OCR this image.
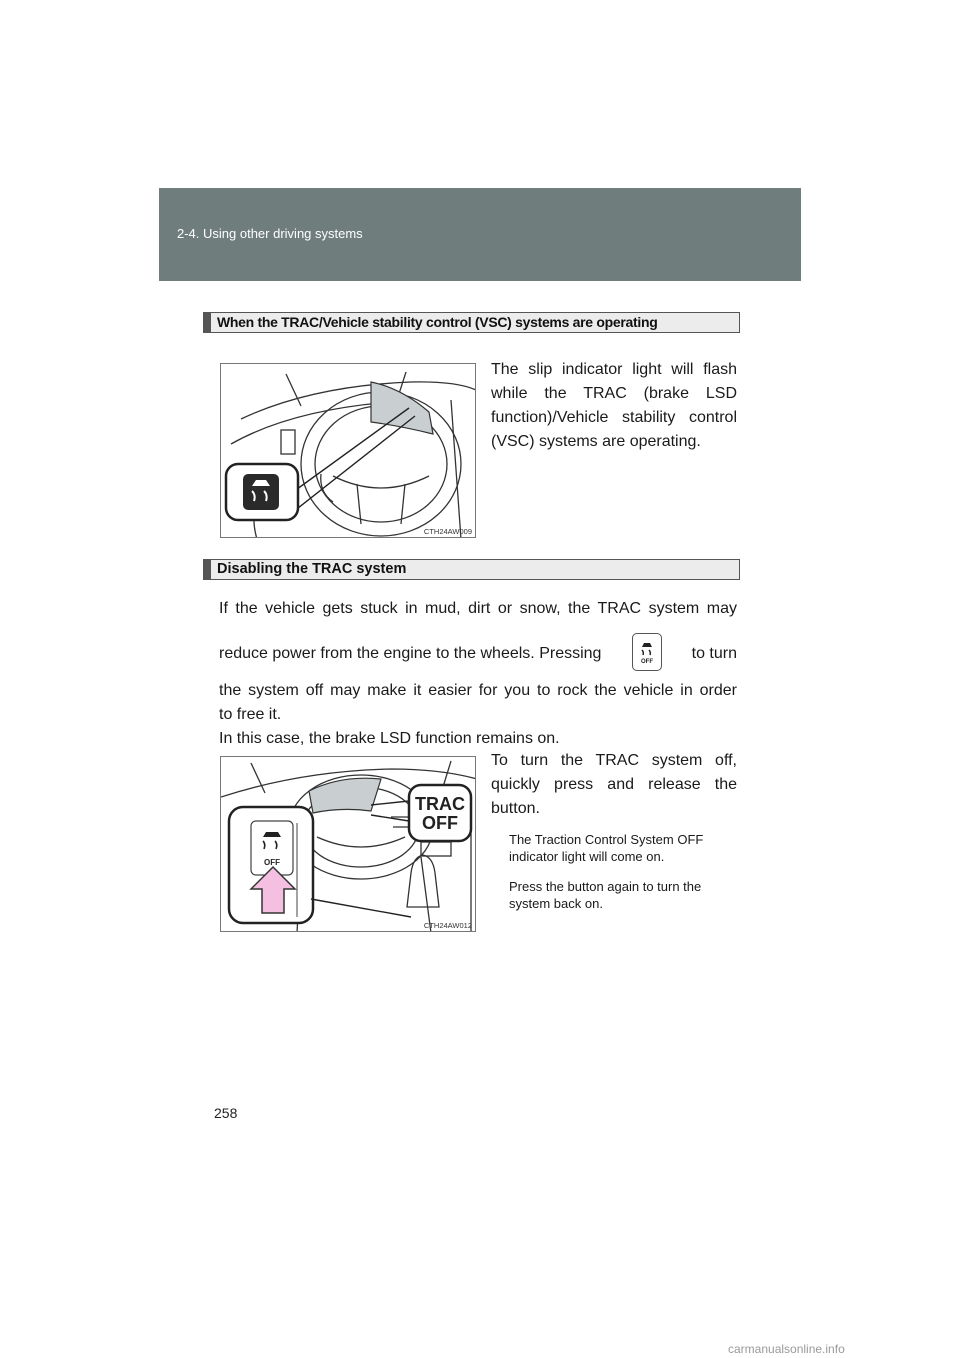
2-4. Using other driving systems
When the TRAC/Vehicle stability control (VSC) systems are operating
CTH24AW009
The slip indicator light will flash
while the TRAC (brake LSD
function)/Vehicle stability control
(VSC) systems are operating.
Disabling the TRAC system
If the vehicle gets stuck in mud, dirt or snow, the TRAC system may
reduce power from the engine to the wheels. Pressing	OFF to turn
the system off may make it easier for you to rock the vehicle in order
to free it.
In this case, the brake LSD function remains on.
TRAC
OFF
OFF
CTH24AW012
To turn the TRAC system off,
quickly press and release the
button.
The Traction Control System OFF
indicator light will come on.
Press the button again to turn the
system back on.
258
carmanualsonline.info
